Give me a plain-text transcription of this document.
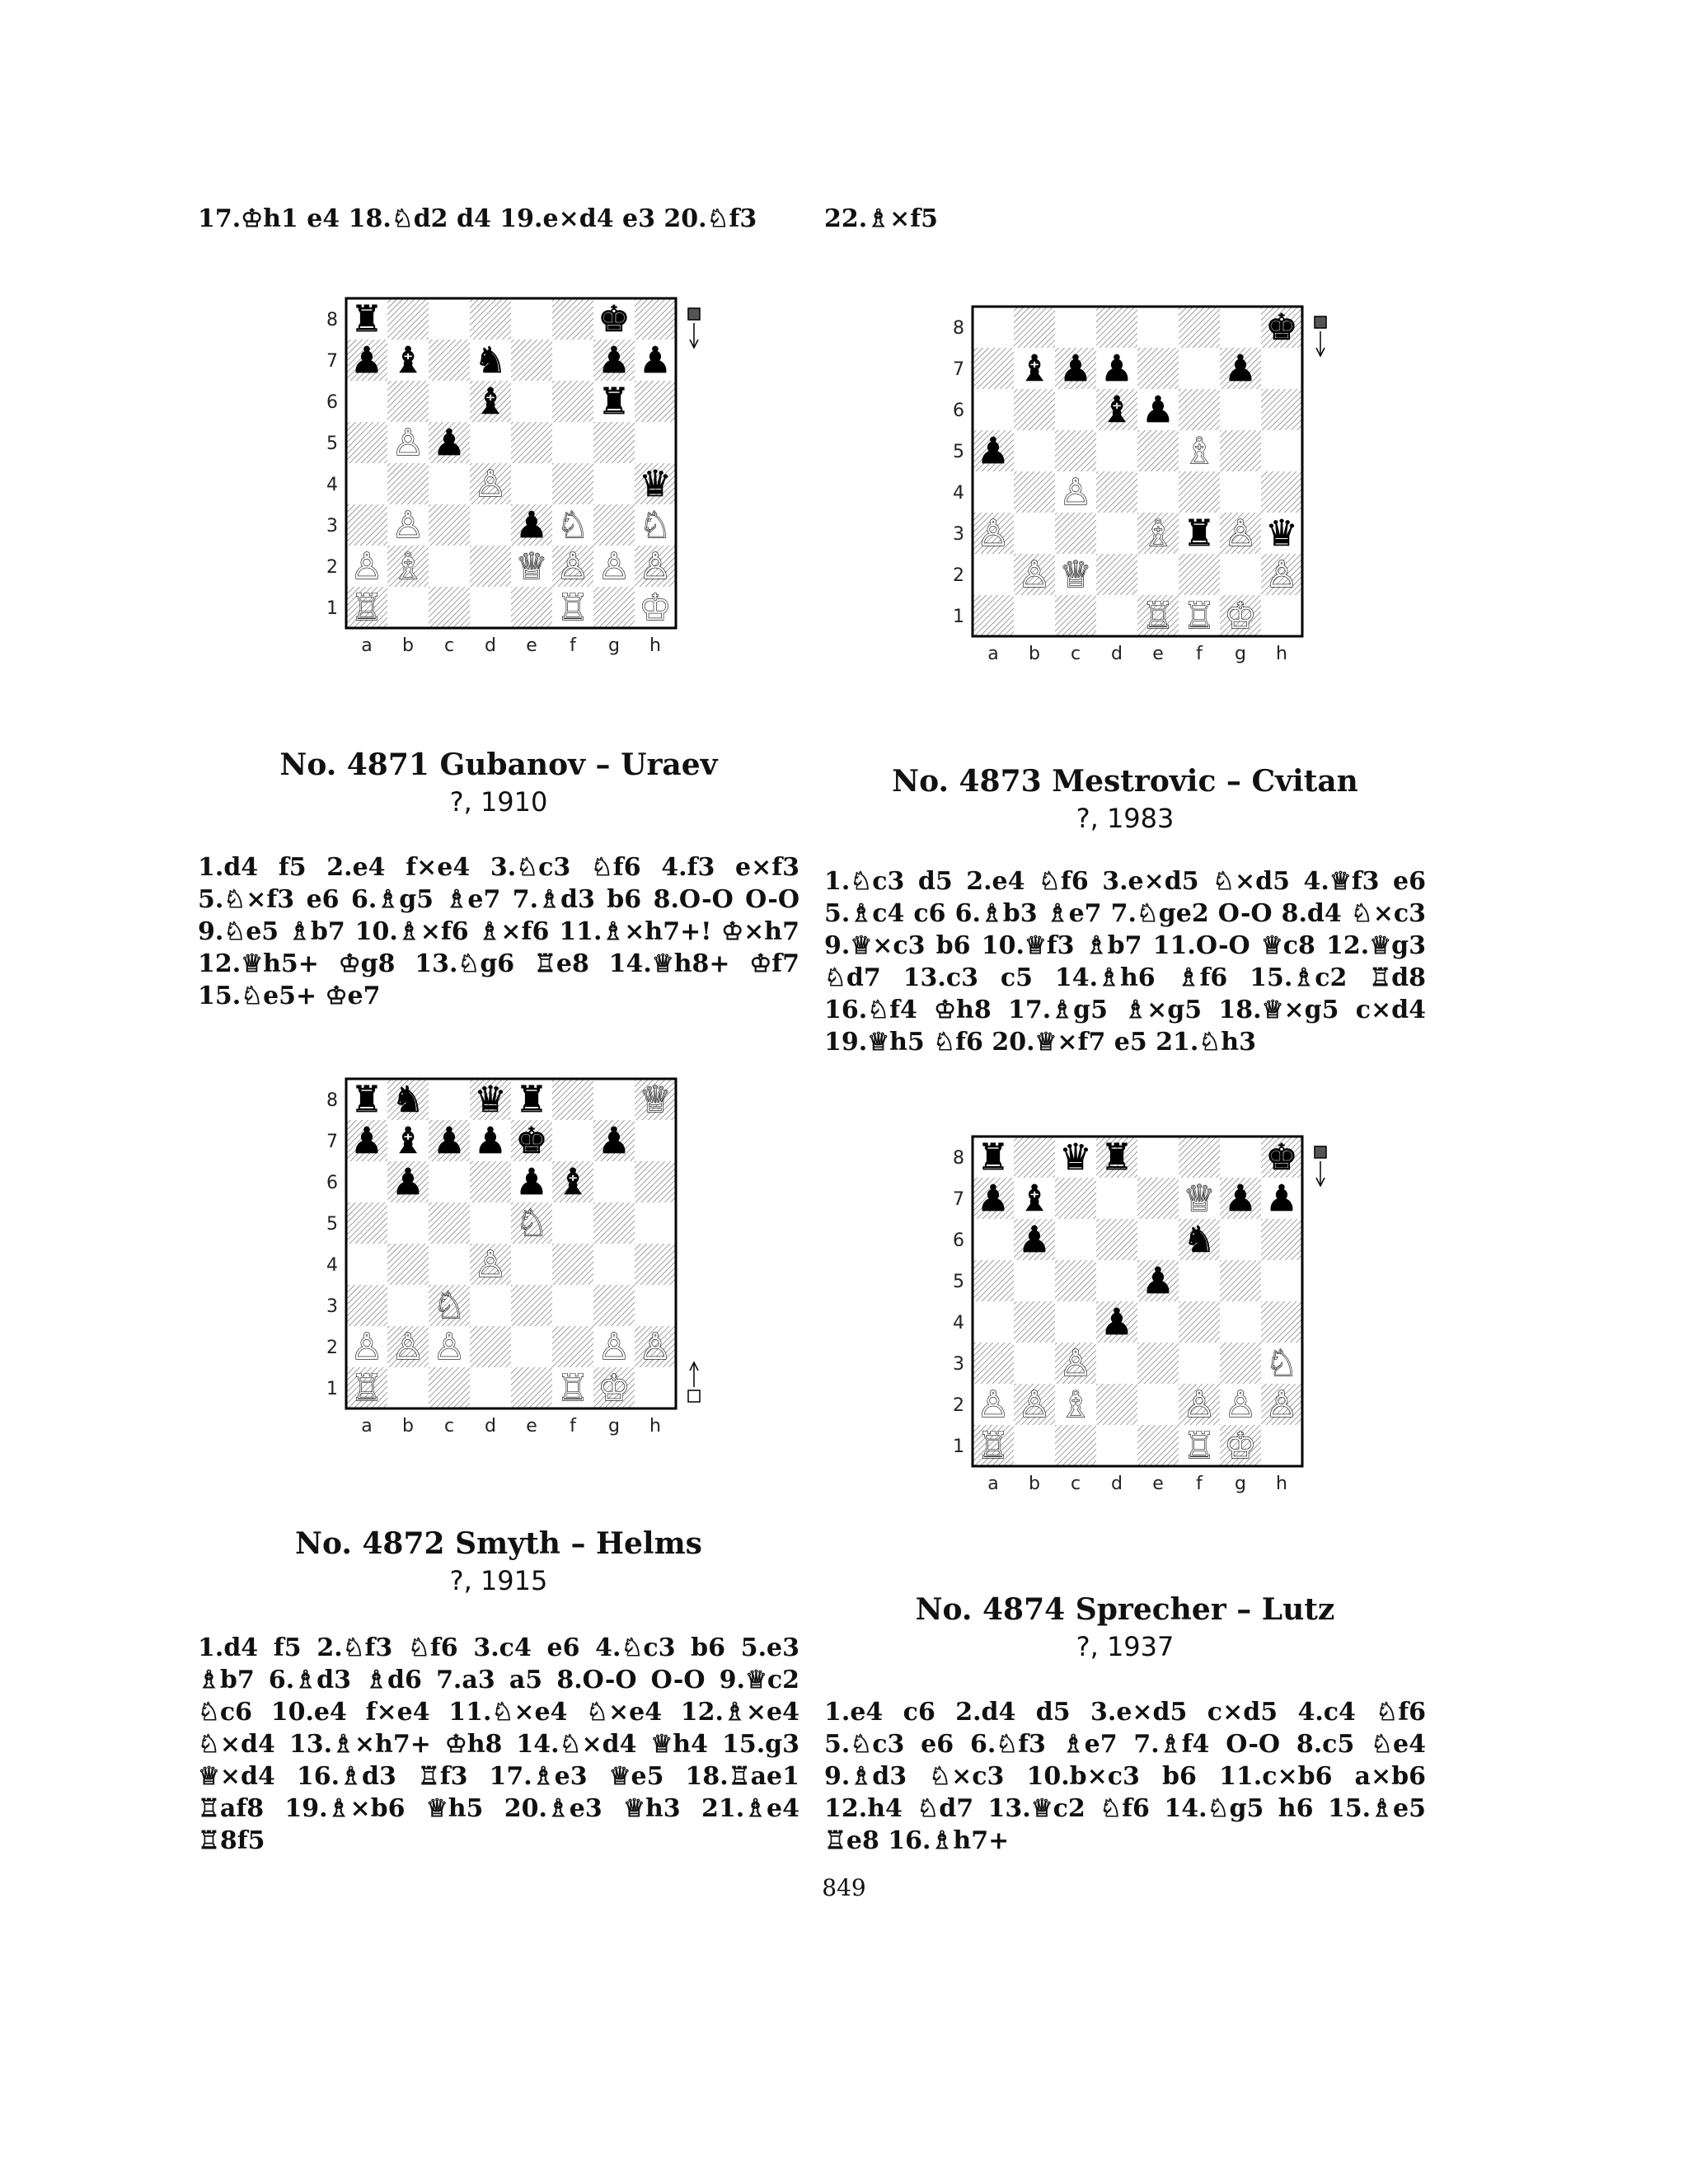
17.♔h1 e4 18.♘d2 d4 19.e×d4 e3 20.♘f3	22.♗×f5
8
7
6
5
4
3
2
1
a b c d e f g h
♜	♚
♟ ♝ ♞	♟ ♟
♝	♜
♙ ♟
♙	♛
♙	♟ ♘ ♘
♙ ♗	♕ ♙ ♙ ♙
♖	♖ ♔
No. 4871 Gubanov – Uraev
?, 1910
1.d4 f5 2.e4 f×e4 3.♘c3 ♘f6 4.f3 e×f3 5.♘×f3 e6 6.♗g5 ♗e7 7.♗d3 b6 8.O-O O-O 9.♘e5 ♗b7 10.♗×f6 ♗×f6 11.♗×h7+! ♔×h7 12.♕h5+ ♔g8 13.♘g6 ♖e8 14.♕h8+ ♔f7 15.♘e5+ ♔e7
8
7
6
5
4
3
2
1
a b c d e f g h
♜ ♞ ♛ ♜	♕
♟ ♝ ♟ ♟ ♚ ♟
♟	♟ ♝
♘
♙
♘
♙ ♙ ♙	♙ ♙
♖	♖ ♔
No. 4872 Smyth – Helms
?, 1915
1.d4 f5 2.♘f3 ♘f6 3.c4 e6 4.♘c3 b6 5.e3 ♗b7 6.♗d3 ♗d6 7.a3 a5 8.O-O O-O 9.♕c2 ♘c6 10.e4 f×e4 11.♘×e4 ♘×e4 12.♗×e4 ♘×d4 13.♗×h7+ ♔h8 14.♘×d4 ♕h4 15.g3 ♕×d4 16.♗d3 ♖f3 17.♗e3 ♕e5 18.♖ae1 ♖af8 19.♗×b6 ♕h5 20.♗e3 ♕h3 21.♗e4 ♖8f5
8
7
6
5
4
3
2
1
a b c d e f g h
♚
♝ ♟ ♟	♟
♝ ♟
♟	♗
♙
♙	♗ ♜ ♙ ♛
♙ ♕	♙
♖ ♖ ♔
No. 4873 Mestrovic – Cvitan
?, 1983
1.♘c3 d5 2.e4 ♘f6 3.e×d5 ♘×d5 4.♕f3 e6 5.♗c4 c6 6.♗b3 ♗e7 7.♘ge2 O-O 8.d4 ♘×c3 9.♕×c3 b6 10.♕f3 ♗b7 11.O-O ♕c8 12.♕g3 ♘d7 13.c3 c5 14.♗h6 ♗f6 15.♗c2 ♖d8 16.♘f4 ♔h8 17.♗g5 ♗×g5 18.♕×g5 c×d4 19.♕h5 ♘f6 20.♕×f7 e5 21.♘h3
8
7
6
5
4
3
2
1
a b c d e f g h
♜ ♛ ♜	♚
♟ ♝	♕ ♟ ♟
♟	♞
♟
♟
♙	♘
♙ ♙ ♗	♙ ♙ ♙
♖	♖ ♔
No. 4874 Sprecher – Lutz
?, 1937
1.e4 c6 2.d4 d5 3.e×d5 c×d5 4.c4 ♘f6 5.♘c3 e6 6.♘f3 ♗e7 7.♗f4 O-O 8.c5 ♘e4 9.♗d3 ♘×c3 10.b×c3 b6 11.c×b6 a×b6 12.h4 ♘d7 13.♕c2 ♘f6 14.♘g5 h6 15.♗e5 ♖e8 16.♗h7+
849
